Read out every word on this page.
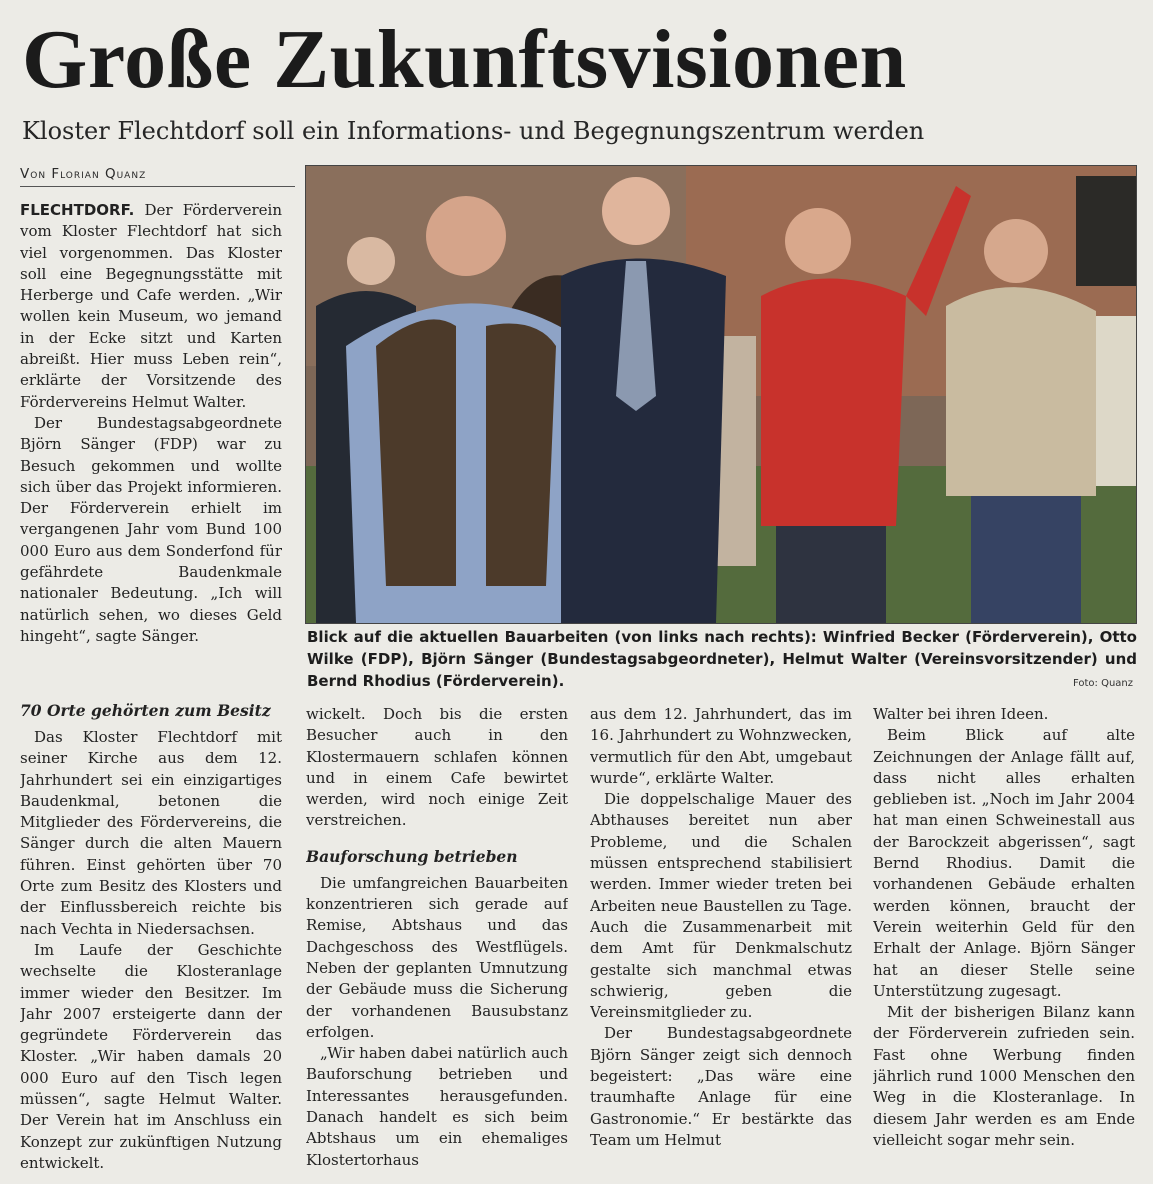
Große Zukunftsvisionen
Kloster Flechtdorf soll ein Informations- und Begegnungszentrum werden
Von Florian Quanz

FLECHTDORF. Der Förderverein vom Kloster Flechtdorf hat sich viel vorgenommen. Das Kloster soll eine Begegnungsstätte mit Herberge und Cafe werden. „Wir wollen kein Museum, wo jemand in der Ecke sitzt und Karten abreißt. Hier muss Leben rein“, erklärte der Vorsitzende des Fördervereins Helmut Walter.

Der Bundestagsabgeordnete Björn Sänger (FDP) war zu Besuch gekommen und wollte sich über das Projekt informieren. Der Förderverein erhielt im vergangenen Jahr vom Bund 100 000 Euro aus dem Sonderfond für gefährdete Baudenkmale nationaler Bedeutung. „Ich will natürlich sehen, wo dieses Geld hingeht“, sagte Sänger.

70 Orte gehörten zum Besitz

Das Kloster Flechtdorf mit seiner Kirche aus dem 12. Jahrhundert sei ein einzigartiges Baudenkmal, betonen die Mitglieder des Fördervereins, die Sänger durch die alten Mauern führen. Einst gehörten über 70 Orte zum Besitz des Klosters und der Einflussbereich reichte bis nach Vechta in Niedersachsen.

Im Laufe der Geschichte wechselte die Klosteranlage immer wieder den Besitzer. Im Jahr 2007 ersteigerte dann der gegründete Förderverein das Kloster. „Wir haben damals 20 000 Euro auf den Tisch legen müssen“, sagte Helmut Walter. Der Verein hat im Anschluss ein Konzept zur zukünftigen Nutzung entwickelt.

Blick auf die aktuellen Bauarbeiten (von links nach rechts): Winfried Becker (Förderverein), Otto Wilke (FDP), Björn Sänger (Bundestagsabgeordneter), Helmut Walter (Vereinsvorsitzender) und Bernd Rhodius (Förderverein).	Foto: Quanz

wickelt. Doch bis die ersten Besucher auch in den Klostermauern schlafen können und in einem Cafe bewirtet werden, wird noch einige Zeit verstreichen.

Bauforschung betrieben

Die umfangreichen Bauarbeiten konzentrieren sich gerade auf Remise, Abtshaus und das Dachgeschoss des Westflügels. Neben der geplanten Umnutzung der Gebäude muss die Sicherung der vorhandenen Bausubstanz erfolgen.

„Wir haben dabei natürlich auch Bauforschung betrieben und Interessantes herausgefunden. Danach handelt es sich beim Abtshaus um ein ehemaliges Klostertorhaus

aus dem 12. Jahrhundert, das im 16. Jahrhundert zu Wohnzwecken, vermutlich für den Abt, umgebaut wurde“, erklärte Walter.

Die doppelschalige Mauer des Abthauses bereitet nun aber Probleme, und die Schalen müssen entsprechend stabilisiert werden. Immer wieder treten bei Arbeiten neue Baustellen zu Tage. Auch die Zusammenarbeit mit dem Amt für Denkmalschutz gestalte sich manchmal etwas schwierig, geben die Vereinsmitglieder zu.

Der Bundestagsabgeordnete Björn Sänger zeigt sich dennoch begeistert: „Das wäre eine traumhafte Anlage für eine Gastronomie.“ Er bestärkte das Team um Helmut

Walter bei ihren Ideen.

Beim Blick auf alte Zeichnungen der Anlage fällt auf, dass nicht alles erhalten geblieben ist. „Noch im Jahr 2004 hat man einen Schweinestall aus der Barockzeit abgerissen“, sagt Bernd Rhodius. Damit die vorhandenen Gebäude erhalten werden können, braucht der Verein weiterhin Geld für den Erhalt der Anlage. Björn Sänger hat an dieser Stelle seine Unterstützung zugesagt.

Mit der bisherigen Bilanz kann der Förderverein zufrieden sein. Fast ohne Werbung finden jährlich rund 1000 Menschen den Weg in die Klosteranlage. In diesem Jahr werden es am Ende vielleicht sogar mehr sein.
